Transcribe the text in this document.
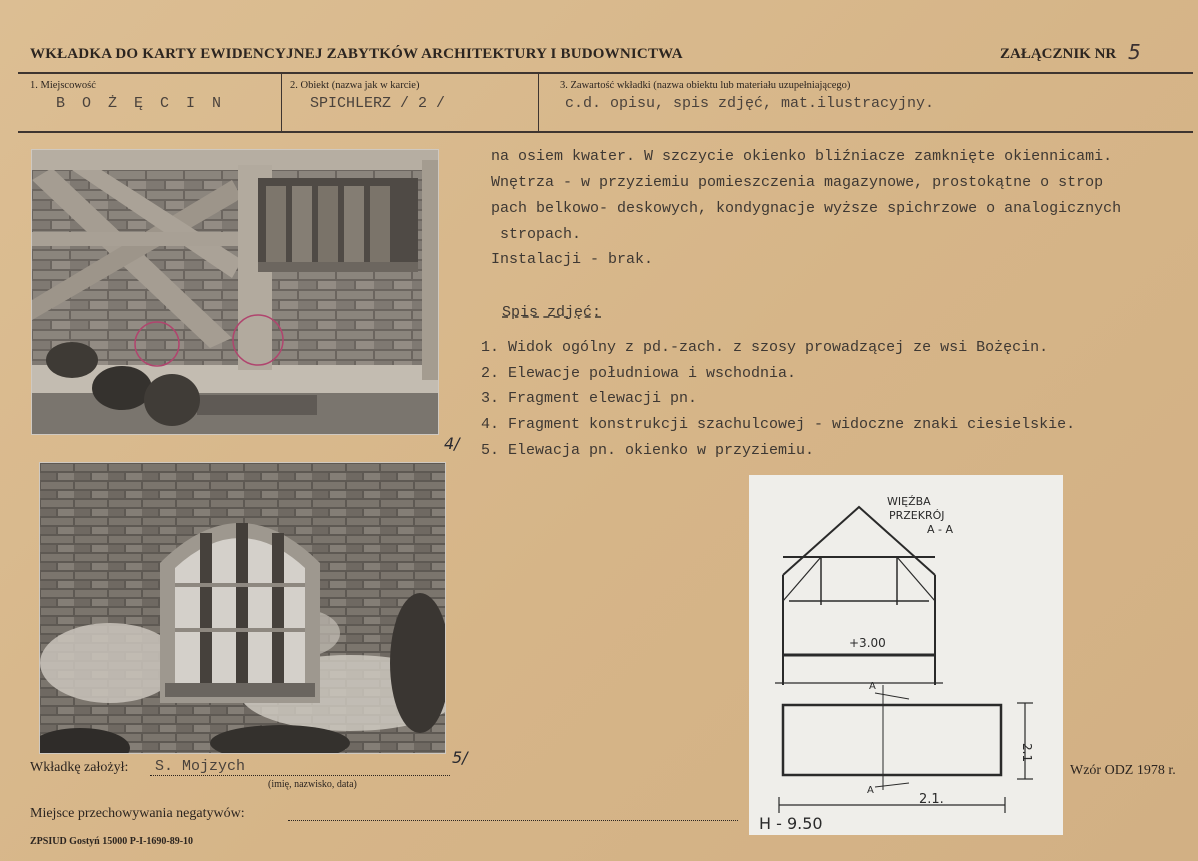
WKŁADKA DO KARTY EWIDENCYJNEJ ZABYTKÓW ARCHITEKTURY I BUDOWNICTWA	ZAŁĄCZNIK NR 5
1. Miejscowość
B O Ż Ę C I N
2. Obiekt (nazwa jak w karcie)
SPICHLERZ / 2 /
3. Zawartość wkładki (nazwa obiektu lub materiału uzupełniającego)
c.d. opisu, spis zdjęć, mat.ilustracyjny.
4/
5/
na osiem kwater. W szczycie okienko bliźniacze zamknięte okiennicami.
Wnętrza - w przyziemiu pomieszczenia magazynowe, prostokątne o strop
pach belkowo- deskowych, kondygnacje wyższe spichrzowe o analogicznych
stropach.
Instalacji - brak.
Spis zdjęć:
1. Widok ogólny z pd.-zach. z szosy prowadzącej ze wsi Bożęcin.
2. Elewacje południowa i wschodnia.
3. Fragment elewacji pn.
4. Fragment konstrukcji szachulcowej - widoczne znaki ciesielskie.
5. Elewacja pn. okienko w przyziemiu.
WIĘŹBA
PRZEKRÓJ
A - A
+3.00
A
A
2.1
2.1.
H - 9.50
Wkładkę założył: S. Mojzych
(imię, nazwisko, data)
Miejsce przechowywania negatywów:
Wzór ODZ 1978 r.
ZPSIUD Gostyń 15000 P-I-1690-89-10
